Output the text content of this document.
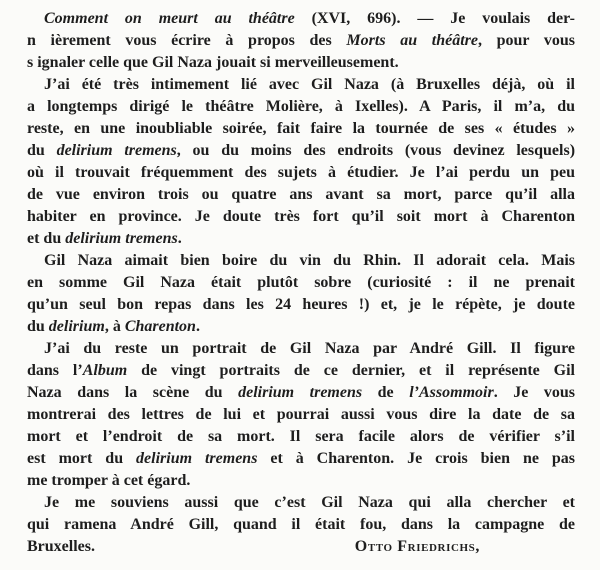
Comment on meurt au théâtre (XVI, 696). — Je voulais der-
n ièrement vous écrire à propos des Morts au théâtre, pour vous
s ignaler celle que Gil Naza jouait si merveilleusement.
J’ai été très intimement lié avec Gil Naza (à Bruxelles déjà, où il
a longtemps dirigé le théâtre Molière, à Ixelles). A Paris, il m’a, du
reste, en une inoubliable soirée, fait faire la tournée de ses « études »
du delirium tremens, ou du moins des endroits (vous devinez lesquels)
où il trouvait fréquemment des sujets à étudier. Je l’ai perdu un peu
de vue environ trois ou quatre ans avant sa mort, parce qu’il alla
habiter en province. Je doute très fort qu’il soit mort à Charenton
et du delirium tremens.
Gil Naza aimait bien boire du vin du Rhin. Il adorait cela. Mais
en somme Gil Naza était plutôt sobre (curiosité : il ne prenait
qu’un seul bon repas dans les 24 heures !) et, je le répète, je doute
du delirium, à Charenton.
J’ai du reste un portrait de Gil Naza par André Gill. Il figure
dans l’Album de vingt portraits de ce dernier, et il représente Gil
Naza dans la scène du delirium tremens de l’Assommoir. Je vous
montrerai des lettres de lui et pourrai aussi vous dire la date de sa
mort et l’endroit de sa mort. Il sera facile alors de vérifier s’il
est mort du delirium tremens et à Charenton. Je crois bien ne pas
me tromper à cet égard.
Je me souviens aussi que c’est Gil Naza qui alla chercher et
qui ramena André Gill, quand il était fou, dans la campagne de
Bruxelles.	Otto Friedrichs,
